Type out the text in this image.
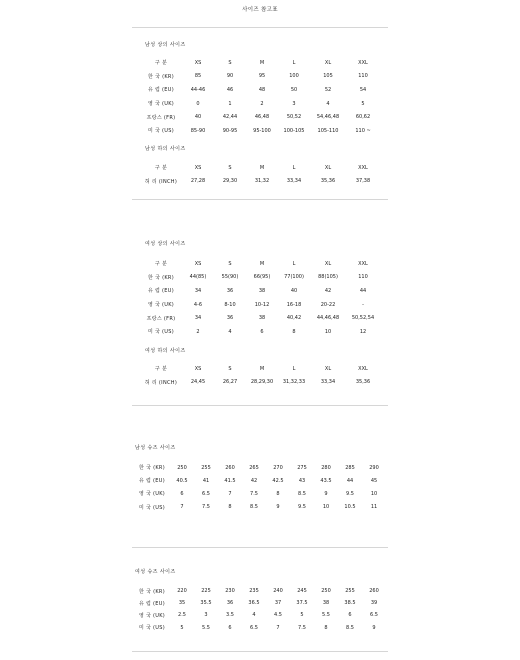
사이즈 참고표
남성 상의 사이즈
구 분	XS	S	M	L	XL	XXL
한 국 (KR)	85	90	95	100	105	110
유 럽 (EU)	44-46	46	48	50	52	54
영 국 (UK)	0	1	2	3	4	5
프랑스 (FR)	40	42,44	46,48	50,52	54,46,48	60,62
미 국 (US)	85-90	90-95	95-100	100-105	105-110	110 ~
남성 하의 사이즈
구 분	XS	S	M	L	XL	XXL
허 리 (INCH)	27,28	29,30	31,32	33,34	35,36	37,38
여성 상의 사이즈
구 분	XS	S	M	L	XL	XXL
한 국 (KR)	44(85)	55(90)	66(95)	77(100)	88(105)	110
유 럽 (EU)	34	36	38	40	42	44
영 국 (UK)	4-6	8-10	10-12	16-18	20-22	-
프랑스 (FR)	34	36	38	40,42	44,46,48	50,52,54
미 국 (US)	2	4	6	8	10	12
여성 하의 사이즈
구 분	XS	S	M	L	XL	XXL
허 리 (INCH)	24,45	26,27	28,29,30	31,32,33	33,34	35,36
남성 슈즈 사이즈
한 국 (KR)	250	255	260	265	270	275	280	285	290
유 럽 (EU)	40.5	41	41.5	42	42.5	43	43.5	44	45
영 국 (UK)	6	6.5	7	7.5	8	8.5	9	9.5	10
미 국 (US)	7	7.5	8	8.5	9	9.5	10	10.5	11
여성 슈즈 사이즈
한 국 (KR)	220	225	230	235	240	245	250	255	260
유 럽 (EU)	35	35.5	36	36.5	37	37.5	38	38.5	39
영 국 (UK)	2.5	3	3.5	4	4.5	5	5.5	6	6.5
미 국 (US)	5	5.5	6	6.5	7	7.5	8	8.5	9
